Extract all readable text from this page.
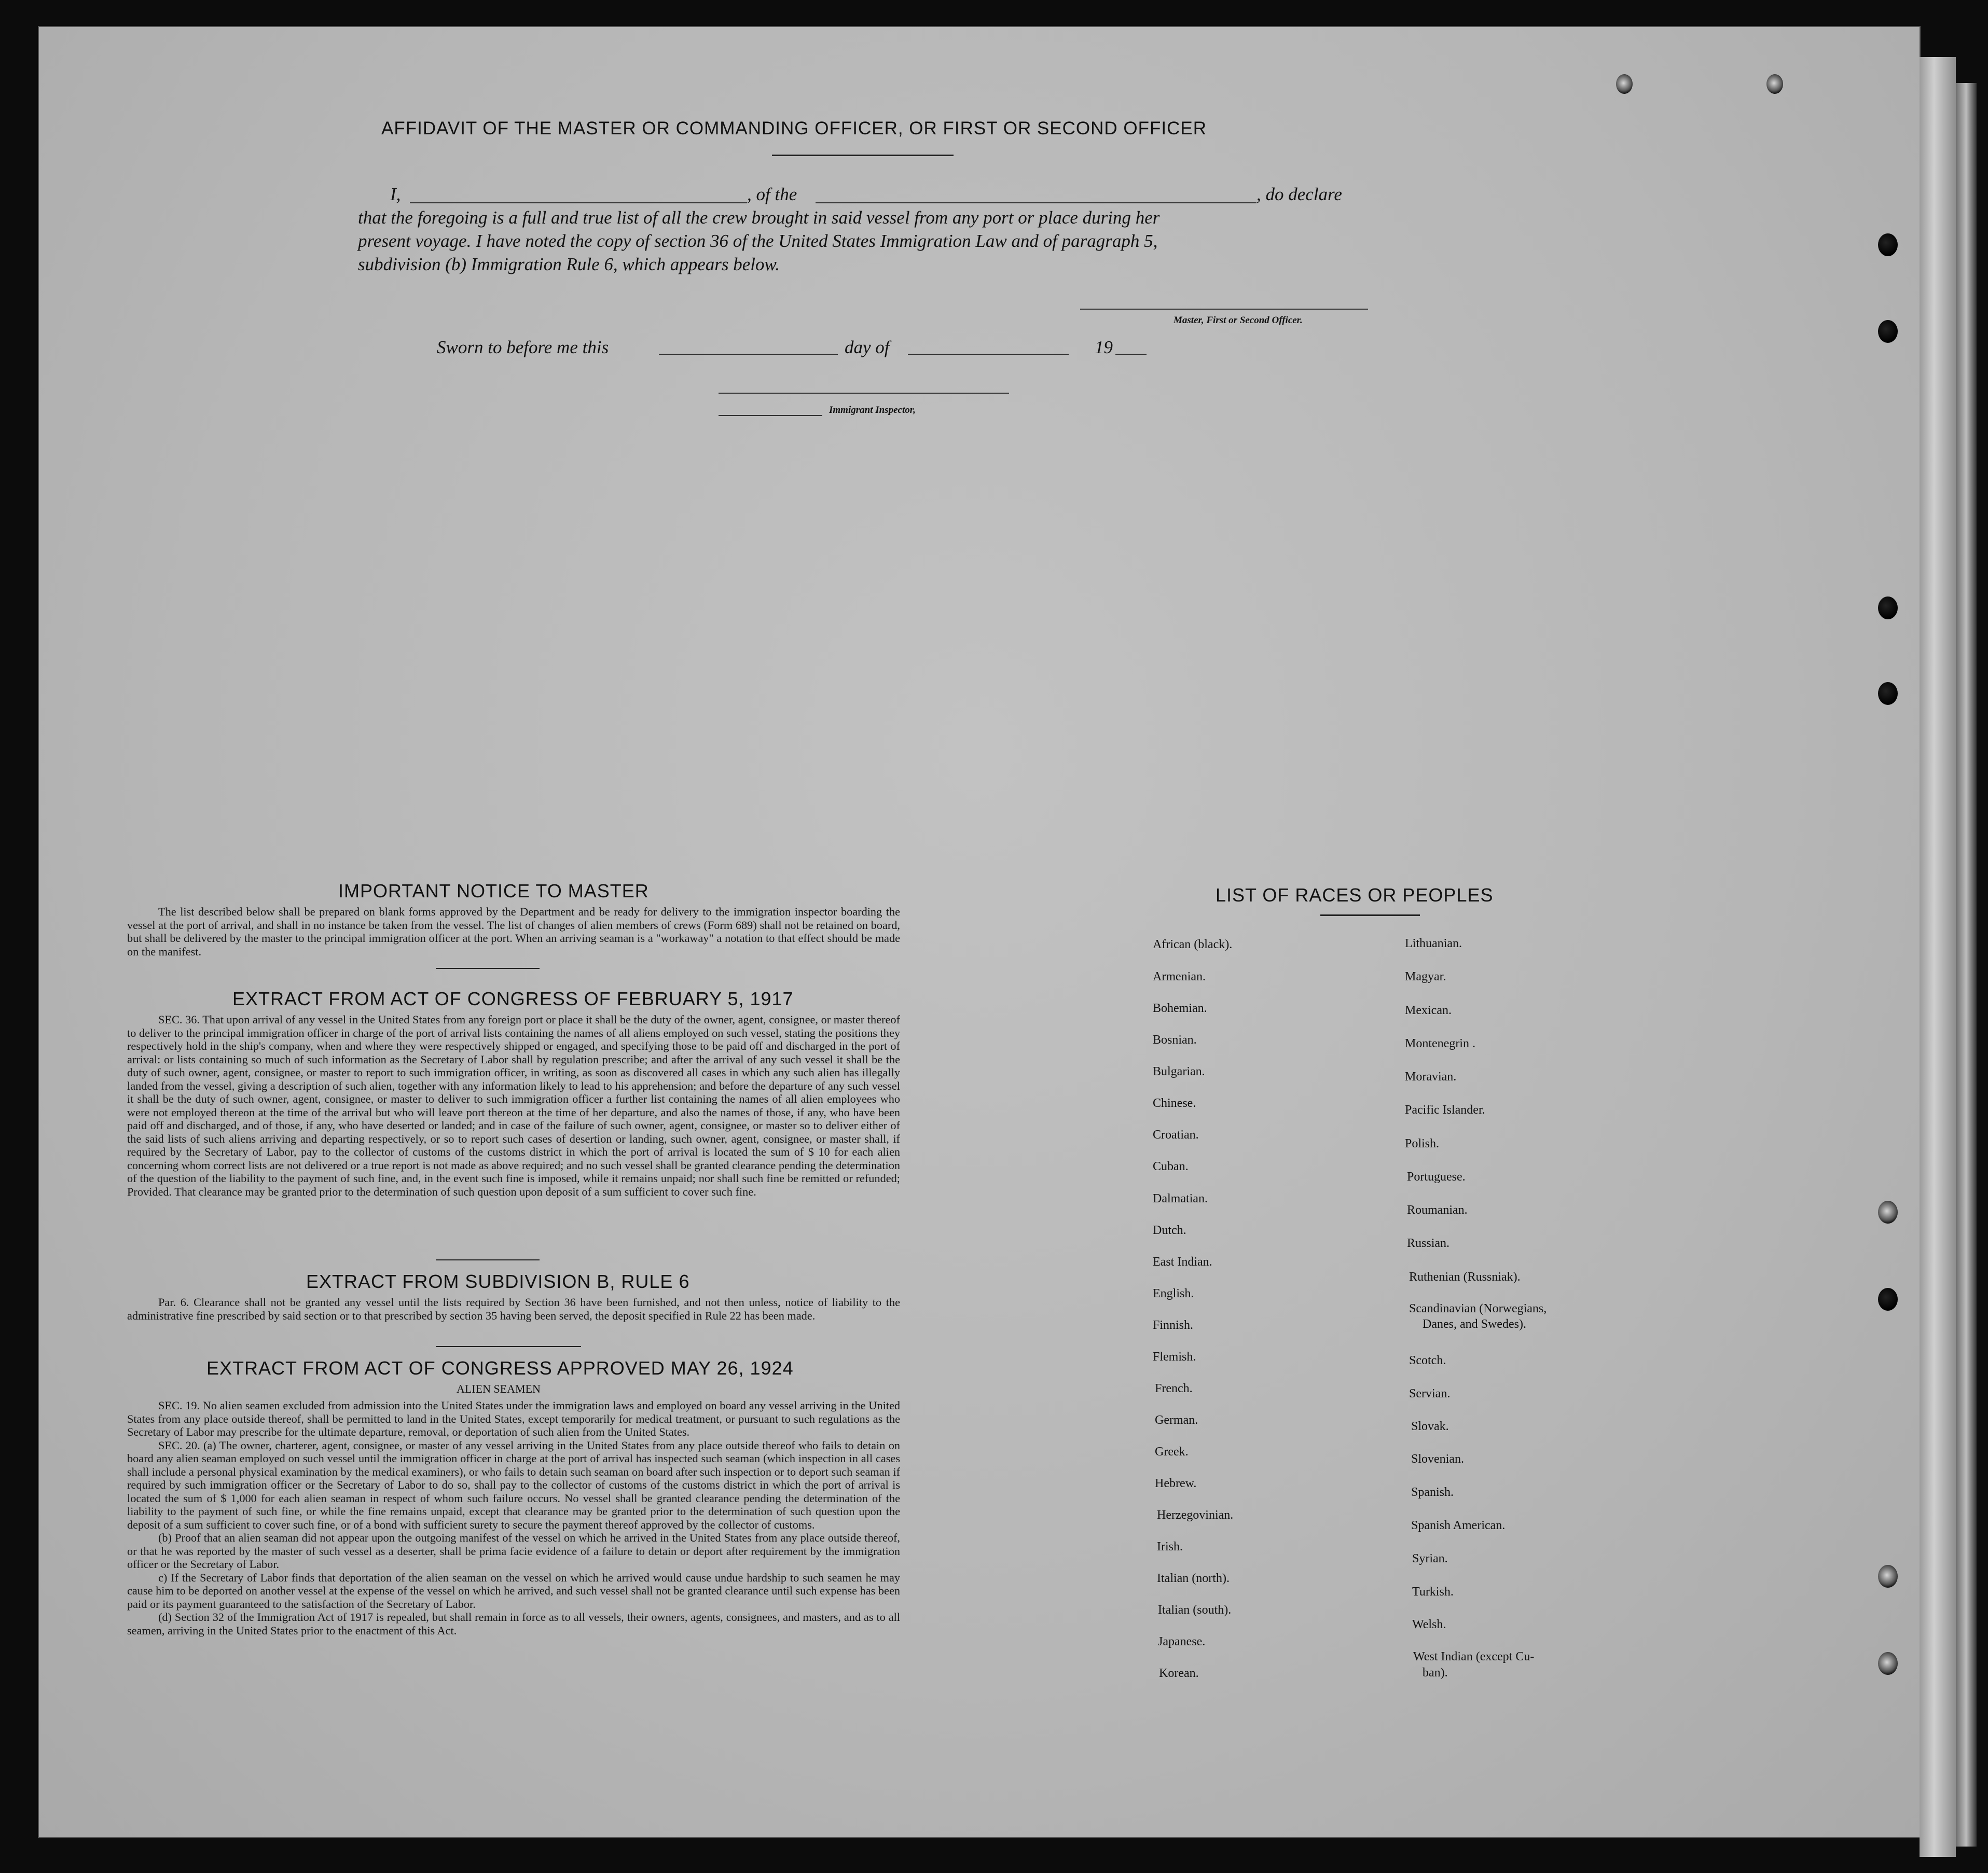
AFFIDAVIT OF THE MASTER OR COMMANDING OFFICER, OR FIRST OR SECOND OFFICER
I,	, of the	, do declare
that the foregoing is a full and true list of all the crew brought in said vessel from any port or place during her
present voyage. I have noted the copy of section 36 of the United States Immigration Law and of paragraph 5,
subdivision (b) Immigration Rule 6, which appears below.
Master, First or Second Officer.
Sworn to before me this	day of	19
Immigrant Inspector,
IMPORTANT NOTICE TO MASTER

The list described below shall be prepared on blank forms approved by the Department and be ready for delivery to the immigration inspector boarding the vessel at the port of arrival, and shall in no instance be taken from the vessel. The list of changes of alien members of crews (Form 689) shall not be retained on board, but shall be delivered by the master to the principal immigration officer at the port. When an arriving seaman is a "workaway" a notation to that effect should be made on the manifest.

EXTRACT FROM ACT OF CONGRESS OF FEBRUARY 5, 1917

SEC. 36. That upon arrival of any vessel in the United States from any foreign port or place it shall be the duty of the owner, agent, consignee, or master thereof to deliver to the principal immigration officer in charge of the port of arrival lists containing the names of all aliens employed on such vessel, stating the positions they respectively hold in the ship's company, when and where they were respectively shipped or engaged, and specifying those to be paid off and discharged in the port of arrival: or lists containing so much of such information as the Secretary of Labor shall by regulation prescribe; and after the arrival of any such vessel it shall be the duty of such owner, agent, consignee, or master to report to such immigration officer, in writing, as soon as discovered all cases in which any such alien has illegally landed from the vessel, giving a description of such alien, together with any information likely to lead to his apprehension; and before the departure of any such vessel it shall be the duty of such owner, agent, consignee, or master to deliver to such immigration officer a further list containing the names of all alien employees who were not employed thereon at the time of the arrival but who will leave port thereon at the time of her departure, and also the names of those, if any, who have been paid off and discharged, and of those, if any, who have deserted or landed; and in case of the failure of such owner, agent, consignee, or master so to deliver either of the said lists of such aliens arriving and departing respectively, or so to report such cases of desertion or landing, such owner, agent, consignee, or master shall, if required by the Secretary of Labor, pay to the collector of customs of the customs district in which the port of arrival is located the sum of $ 10 for each alien concerning whom correct lists are not delivered or a true report is not made as above required; and no such vessel shall be granted clearance pending the determination of the question of the liability to the payment of such fine, and, in the event such fine is imposed, while it remains unpaid; nor shall such fine be remitted or refunded; Provided. That clearance may be granted prior to the determination of such question upon deposit of a sum sufficient to cover such fine.

EXTRACT FROM SUBDIVISION B, RULE 6

Par. 6. Clearance shall not be granted any vessel until the lists required by Section 36 have been furnished, and not then unless, notice of liability to the administrative fine prescribed by said section or to that prescribed by section 35 having been served, the deposit specified in Rule 22 has been made.

EXTRACT FROM ACT OF CONGRESS APPROVED MAY 26, 1924
ALIEN SEAMEN

SEC. 19. No alien seamen excluded from admission into the United States under the immigration laws and employed on board any vessel arriving in the United States from any place outside thereof, shall be permitted to land in the United States, except temporarily for medical treatment, or pursuant to such regulations as the Secretary of Labor may prescribe for the ultimate departure, removal, or deportation of such alien from the United States.

SEC. 20. (a) The owner, charterer, agent, consignee, or master of any vessel arriving in the United States from any place outside thereof who fails to detain on board any alien seaman employed on such vessel until the immigration officer in charge at the port of arrival has inspected such seaman (which inspection in all cases shall include a personal physical examination by the medical examiners), or who fails to detain such seaman on board after such inspection or to deport such seaman if required by such immigration officer or the Secretary of Labor to do so, shall pay to the collector of customs of the customs district in which the port of arrival is located the sum of $ 1,000 for each alien seaman in respect of whom such failure occurs. No vessel shall be granted clearance pending the determination of the liability to the payment of such fine, or while the fine remains unpaid, except that clearance may be granted prior to the determination of such question upon the deposit of a sum sufficient to cover such fine, or of a bond with sufficient surety to secure the payment thereof approved by the collector of customs.

(b) Proof that an alien seaman did not appear upon the outgoing manifest of the vessel on which he arrived in the United States from any place outside thereof, or that he was reported by the master of such vessel as a deserter, shall be prima facie evidence of a failure to detain or deport after requirement by the immigration officer or the Secretary of Labor.

c) If the Secretary of Labor finds that deportation of the alien seaman on the vessel on which he arrived would cause undue hardship to such seamen he may cause him to be deported on another vessel at the expense of the vessel on which he arrived, and such vessel shall not be granted clearance until such expense has been paid or its payment guaranteed to the satisfaction of the Secretary of Labor.

(d) Section 32 of the Immigration Act of 1917 is repealed, but shall remain in force as to all vessels, their owners, agents, consignees, and masters, and as to all seamen, arriving in the United States prior to the enactment of this Act.

LIST OF RACES OR PEOPLES
African (black).
Armenian.
Bohemian.
Bosnian.
Bulgarian.
Chinese.
Croatian.
Cuban.
Dalmatian.
Dutch.
East Indian.
English.
Finnish.
Flemish.
French.
German.
Greek.
Hebrew.
Herzegovinian.
Irish.
Italian (north).
Italian (south).
Japanese.
Korean.
Lithuanian.
Magyar.
Mexican.
Montenegrin .
Moravian.
Pacific Islander.
Polish.
Portuguese.
Roumanian.
Russian.
Ruthenian (Russniak).
Scandinavian (Norwegians,
Scotch.
Servian.
Slovak.
Slovenian.
Spanish.
Spanish American.
Syrian.
Turkish.
Welsh.
West Indian (except Cu-
Danes, and Swedes).
ban).
